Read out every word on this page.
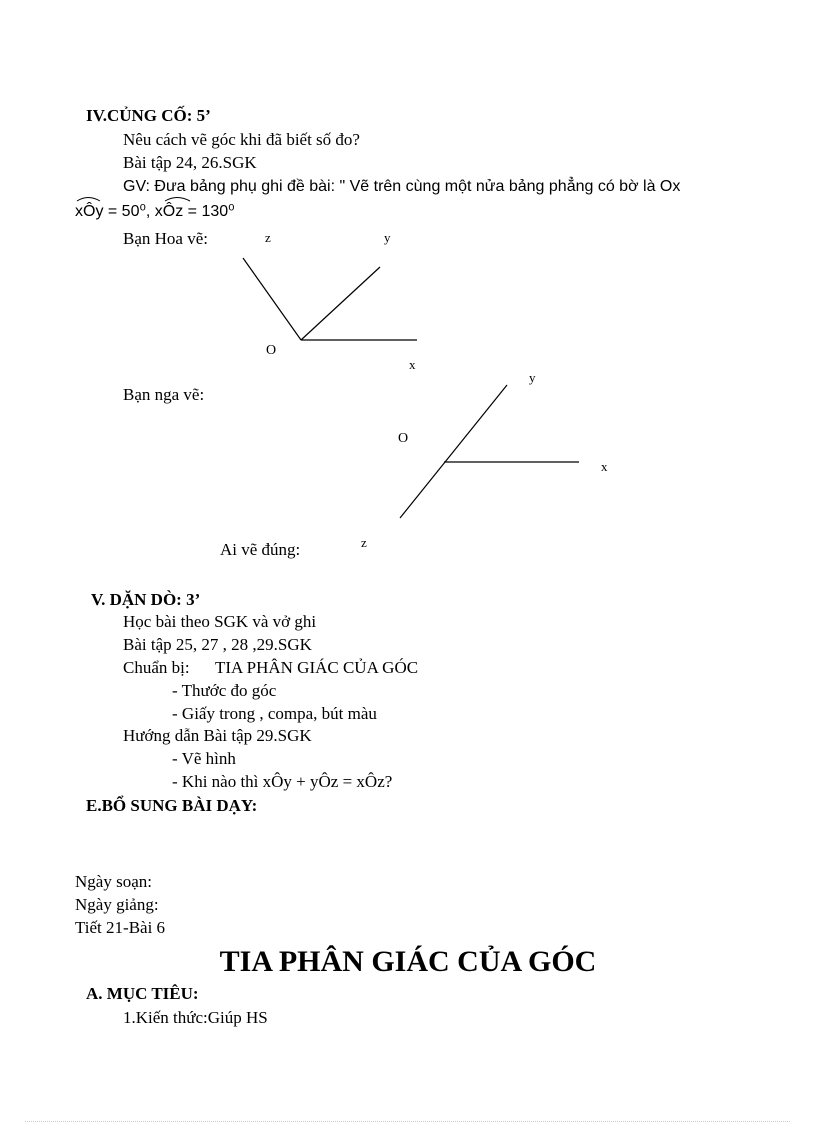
IV.CỦNG CỐ: 5’
Nêu cách vẽ góc khi đã biết số đo?
Bài tập 24, 26.SGK
GV: Đưa bảng phụ ghi đề bài: " Vẽ trên cùng một nửa bảng phẳng có bờ là Ox
xÔy = 50⁰, xÔz = 130⁰
Bạn Hoa vẽ:
Bạn nga vẽ:
Ai vẽ đúng:
z	y
O
x
y
O
x
z
V. DẶN DÒ: 3’
Học bài theo SGK và vở ghi
Bài tập 25, 27 , 28 ,29.SGK
Chuẩn bị: TIA PHÂN GIÁC CỦA GÓC
- Thước đo góc
- Giấy trong , compa, bút màu
Hướng dẫn Bài tập 29.SGK
- Vẽ hình
- Khi nào thì xÔy + yÔz = xÔz?
E.BỔ SUNG BÀI DẠY:
Ngày soạn:
Ngày giảng:
Tiết 21-Bài 6
TIA PHÂN GIÁC CỦA GÓC
A. MỤC TIÊU:
1.Kiến thức:Giúp HS
